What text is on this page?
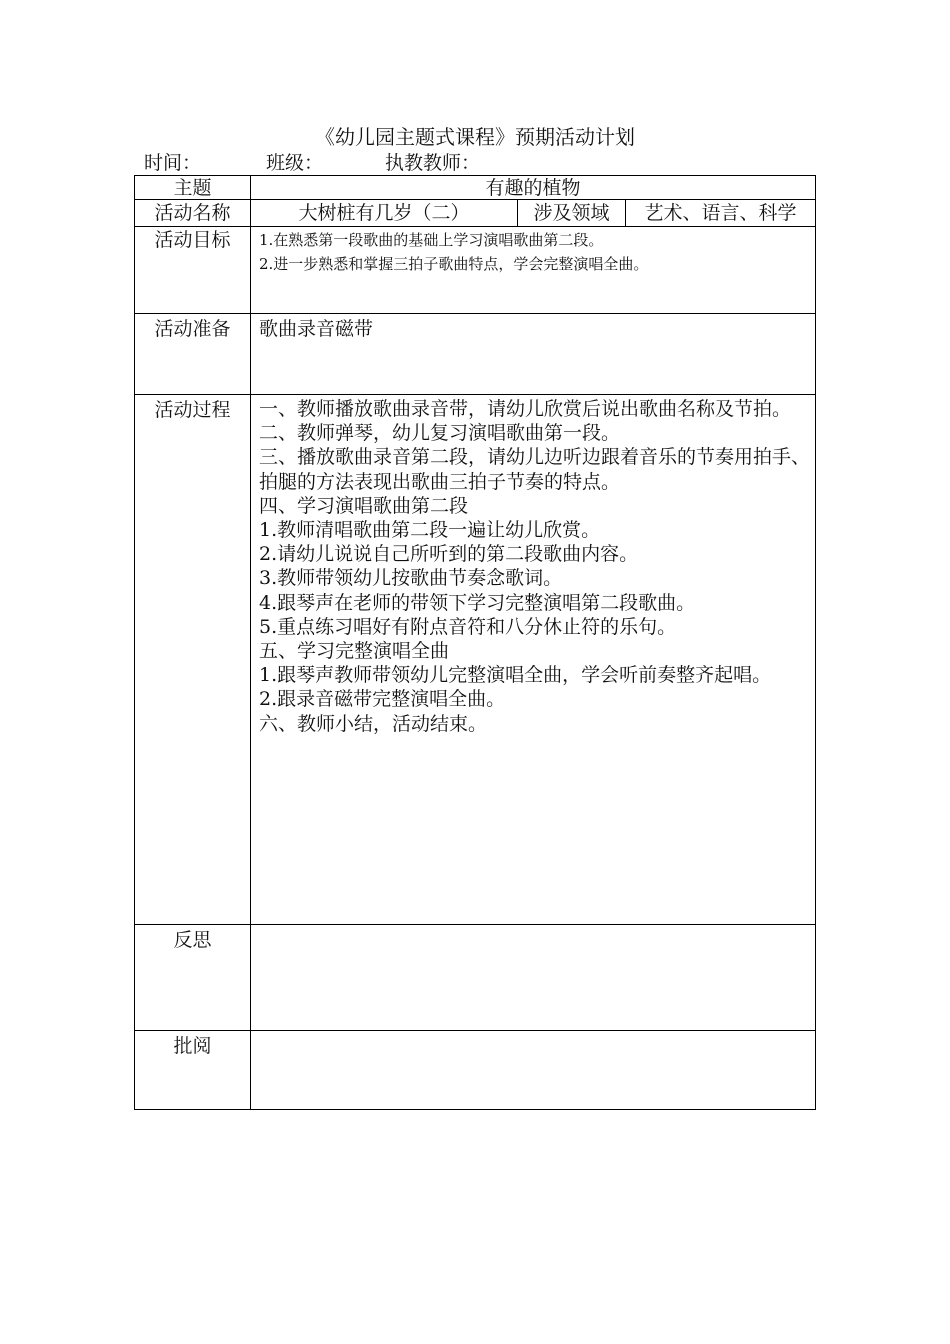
《幼儿园主题式课程》预期活动计划
时间：	班级：	执教教师：
主题	有趣的植物
活动名称	大树桩有几岁（二）	涉及领域	艺术、语言、科学
活动目标	1.在熟悉第一段歌曲的基础上学习演唱歌曲第二段。
2.进一步熟悉和掌握三拍子歌曲特点，学会完整演唱全曲。
活动准备	歌曲录音磁带
活动过程	一、教师播放歌曲录音带，请幼儿欣赏后说出歌曲名称及节拍。
二、教师弹琴，幼儿复习演唱歌曲第一段。
三、播放歌曲录音第二段，请幼儿边听边跟着音乐的节奏用拍手、拍腿的方法表现出歌曲三拍子节奏的特点。
四、学习演唱歌曲第二段
1.教师清唱歌曲第二段一遍让幼儿欣赏。
2.请幼儿说说自己所听到的第二段歌曲内容。
3.教师带领幼儿按歌曲节奏念歌词。
4.跟琴声在老师的带领下学习完整演唱第二段歌曲。
5.重点练习唱好有附点音符和八分休止符的乐句。
五、学习完整演唱全曲
1.跟琴声教师带领幼儿完整演唱全曲，学会听前奏整齐起唱。
2.跟录音磁带完整演唱全曲。
六、教师小结，活动结束。
反思
批阅
